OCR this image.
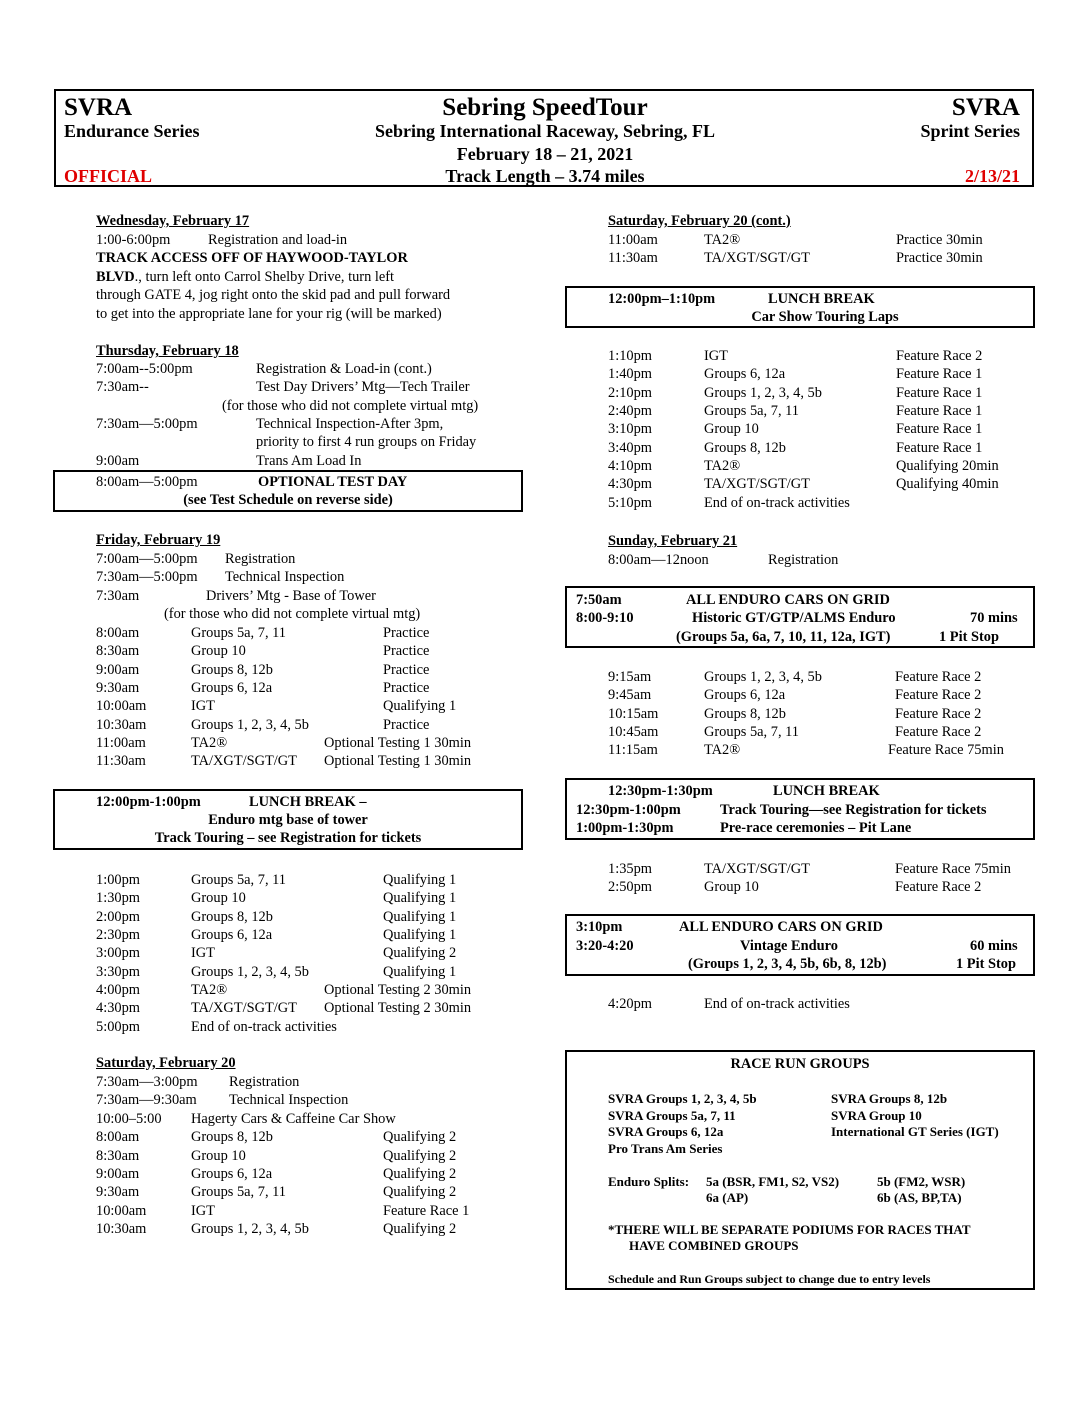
SVRA
Endurance Series
OFFICIAL
Sebring SpeedTour
Sebring International Raceway, Sebring, FL
February 18 – 21, 2021
Track Length – 3.74 miles
SVRA
Sprint Series
2/13/21
Wednesday, February 17
1:00-6:00pm	Registration and load-in
TRACK ACCESS OFF OF HAYWOOD-TAYLOR
BLVD., turn left onto Carrol Shelby Drive, turn left
through GATE 4, jog right onto the skid pad and pull forward
to get into the appropriate lane for your rig (will be marked)
Thursday, February 18
7:00am--5:00pm	Registration & Load-in (cont.)
7:30am--	Test Day Drivers’ Mtg—Tech Trailer
(for those who did not complete virtual mtg)
7:30am—5:00pm	Technical Inspection-After 3pm,
priority to first 4 run groups on Friday
9:00am	Trans Am Load In
8:00am—5:00pm	OPTIONAL TEST DAY
(see Test Schedule on reverse side)
Friday, February 19
7:00am—5:00pm Registration
7:30am—5:00pm Technical Inspection
7:30am	Drivers’ Mtg - Base of Tower
(for those who did not complete virtual mtg)
8:00am	Groups 5a, 7, 11	Practice
8:30am	Group 10	Practice
9:00am	Groups 8, 12b	Practice
9:30am	Groups 6, 12a	Practice
10:00am	IGT	Qualifying 1
10:30am	Groups 1, 2, 3, 4, 5b	Practice
11:00am	TA2®	Optional Testing 1 30min
11:30am	TA/XGT/SGT/GT Optional Testing 1 30min
12:00pm-1:00pm	LUNCH BREAK –
Enduro mtg base of tower
Track Touring – see Registration for tickets
1:00pm	Groups 5a, 7, 11	Qualifying 1
1:30pm	Group 10	Qualifying 1
2:00pm	Groups 8, 12b	Qualifying 1
2:30pm	Groups 6, 12a	Qualifying 1
3:00pm	IGT	Qualifying 2
3:30pm	Groups 1, 2, 3, 4, 5b	Qualifying 1
4:00pm	TA2®	Optional Testing 2 30min
4:30pm	TA/XGT/SGT/GT Optional Testing 2 30min
5:00pm	End of on-track activities
Saturday, February 20
7:30am—3:00pm Registration
7:30am—9:30am Technical Inspection
10:00–5:00 Hagerty Cars & Caffeine Car Show
8:00am	Groups 8, 12b	Qualifying 2
8:30am	Group 10	Qualifying 2
9:00am	Groups 6, 12a	Qualifying 2
9:30am	Groups 5a, 7, 11	Qualifying 2
10:00am	IGT	Feature Race 1
10:30am	Groups 1, 2, 3, 4, 5b	Qualifying 2
Saturday, February 20 (cont.)
11:00am	TA2®	Practice 30min
11:30am	TA/XGT/SGT/GT	Practice 30min
12:00pm–1:10pm	LUNCH BREAK
Car Show Touring Laps
1:10pm	IGT	Feature Race 2
1:40pm	Groups 6, 12a	Feature Race 1
2:10pm	Groups 1, 2, 3, 4, 5b	Feature Race 1
2:40pm	Groups 5a, 7, 11	Feature Race 1
3:10pm	Group 10	Feature Race 1
3:40pm	Groups 8, 12b	Feature Race 1
4:10pm	TA2®	Qualifying 20min
4:30pm	TA/XGT/SGT/GT	Qualifying 40min
5:10pm	End of on-track activities
Sunday, February 21
8:00am—12noon	Registration
7:50am	ALL ENDURO CARS ON GRID
8:00-9:10	Historic GT/GTP/ALMS Enduro	70 mins
(Groups 5a, 6a, 7, 10, 11, 12a, IGT)	1 Pit Stop
9:15am	Groups 1, 2, 3, 4, 5b	Feature Race 2
9:45am	Groups 6, 12a	Feature Race 2
10:15am	Groups 8, 12b	Feature Race 2
10:45am	Groups 5a, 7, 11	Feature Race 2
11:15am	TA2®	Feature Race 75min
12:30pm-1:30pm	LUNCH BREAK
12:30pm-1:00pm	Track Touring—see Registration for tickets
1:00pm-1:30pm	Pre-race ceremonies – Pit Lane
1:35pm	TA/XGT/SGT/GT	Feature Race 75min
2:50pm	Group 10	Feature Race 2
3:10pm	ALL ENDURO CARS ON GRID
3:20-4:20	Vintage Enduro	60 mins
(Groups 1, 2, 3, 4, 5b, 6b, 8, 12b)	1 Pit Stop
4:20pm	End of on-track activities
RACE RUN GROUPS
SVRA Groups 1, 2, 3, 4, 5b
SVRA Groups 5a, 7, 11
SVRA Groups 6, 12a
Pro Trans Am Series
SVRA Groups 8, 12b
SVRA Group 10
International GT Series (IGT)
Enduro Splits: 5a (BSR, FM1, S2, VS2)	5b (FM2, WSR)
6a (AP)	6b (AS, BP,TA)
*THERE WILL BE SEPARATE PODIUMS FOR RACES THAT
HAVE COMBINED GROUPS
Schedule and Run Groups subject to change due to entry levels
